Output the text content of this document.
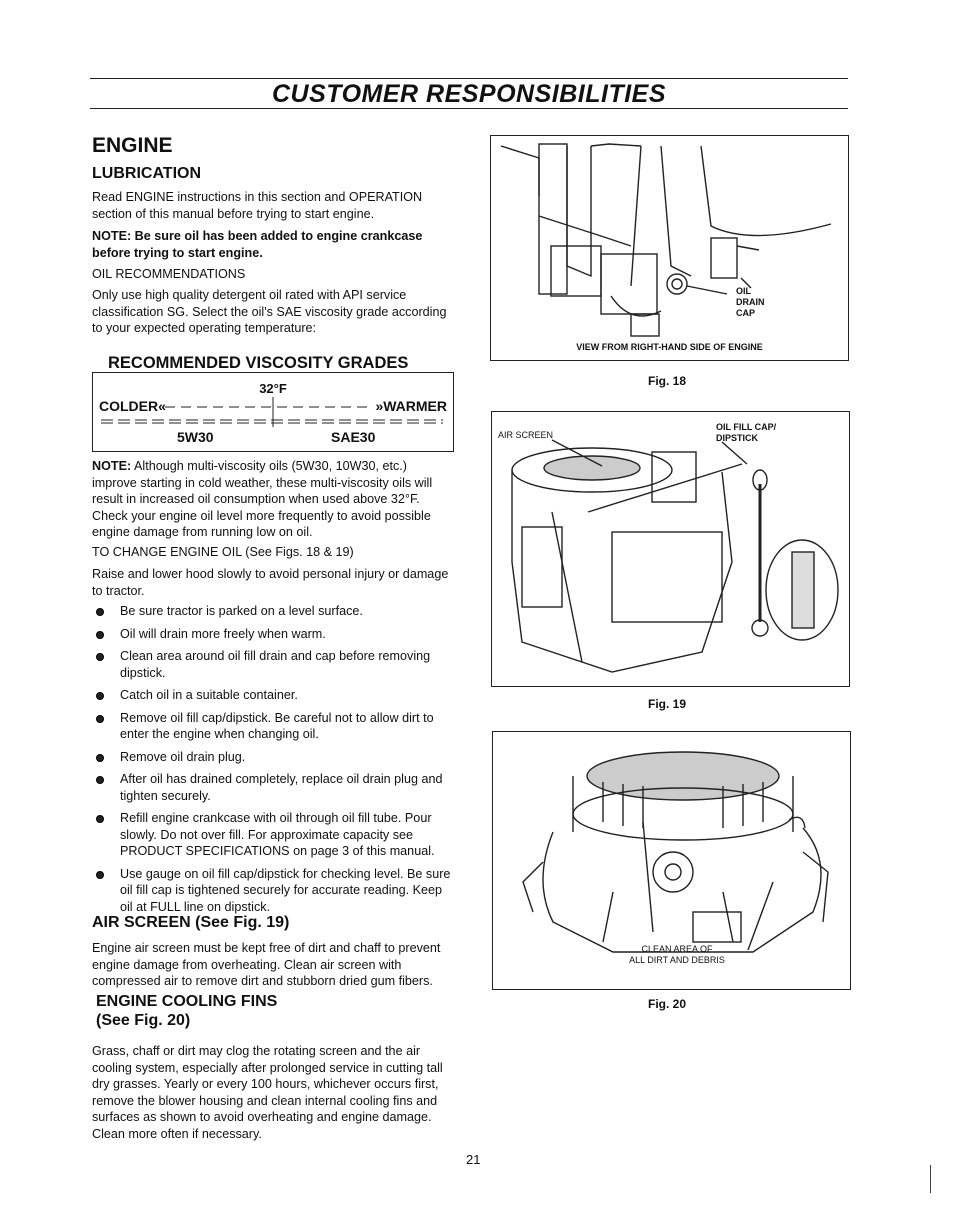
CUSTOMER RESPONSIBILITIES
ENGINE
LUBRICATION
Read ENGINE instructions in this section and OPERATION section of this manual before trying to start engine.
NOTE: Be sure oil has been added to engine crankcase before trying to start engine.
OIL RECOMMENDATIONS
Only use high quality detergent oil rated with API service classification SG. Select the oil's SAE viscosity grade according to your expected operating temperature:
RECOMMENDED VISCOSITY GRADES
32°F
COLDER«	»WARMER
5W30	SAE30
NOTE: Although multi-viscosity oils (5W30, 10W30, etc.) improve starting in cold weather, these multi-viscosity oils will result in increased oil consumption when used above 32°F. Check your engine oil level more frequently to avoid possible engine damage from running low on oil.
TO CHANGE ENGINE OIL (See Figs. 18 & 19)
Raise and lower hood slowly to avoid personal injury or damage to tractor.
Be sure tractor is parked on a level surface.
Oil will drain more freely when warm.
Clean area around oil fill drain and cap before removing dipstick.
Catch oil in a suitable container.
Remove oil fill cap/dipstick. Be careful not to allow dirt to enter the engine when changing oil.
Remove oil drain plug.
After oil has drained completely, replace oil drain plug and tighten securely.
Refill engine crankcase with oil through oil fill tube. Pour slowly. Do not over fill. For approximate capacity see PRODUCT SPECIFICATIONS on page 3 of this manual.
Use gauge on oil fill cap/dipstick for checking level. Be sure oil fill cap is tightened securely for accurate reading. Keep oil at FULL line on dipstick.
AIR SCREEN (See Fig. 19)
Engine air screen must be kept free of dirt and chaff to prevent engine damage from overheating. Clean air screen with compressed air to remove dirt and stubborn dried gum fibers.
ENGINE COOLING FINS
(See Fig. 20)
Grass, chaff or dirt may clog the rotating screen and the air cooling system, especially after prolonged service in cutting tall dry grasses. Yearly or every 100 hours, whichever occurs first, remove the blower housing and clean internal cooling fins and surfaces as shown to avoid overheating and engine damage. Clean more often if necessary.
OIL
DRAIN
CAP
VIEW FROM RIGHT-HAND SIDE OF ENGINE
Fig. 18
AIR SCREEN
OIL FILL CAP/
DIPSTICK
Fig. 19
CLEAN AREA OF
ALL DIRT AND DEBRIS
Fig. 20
21
